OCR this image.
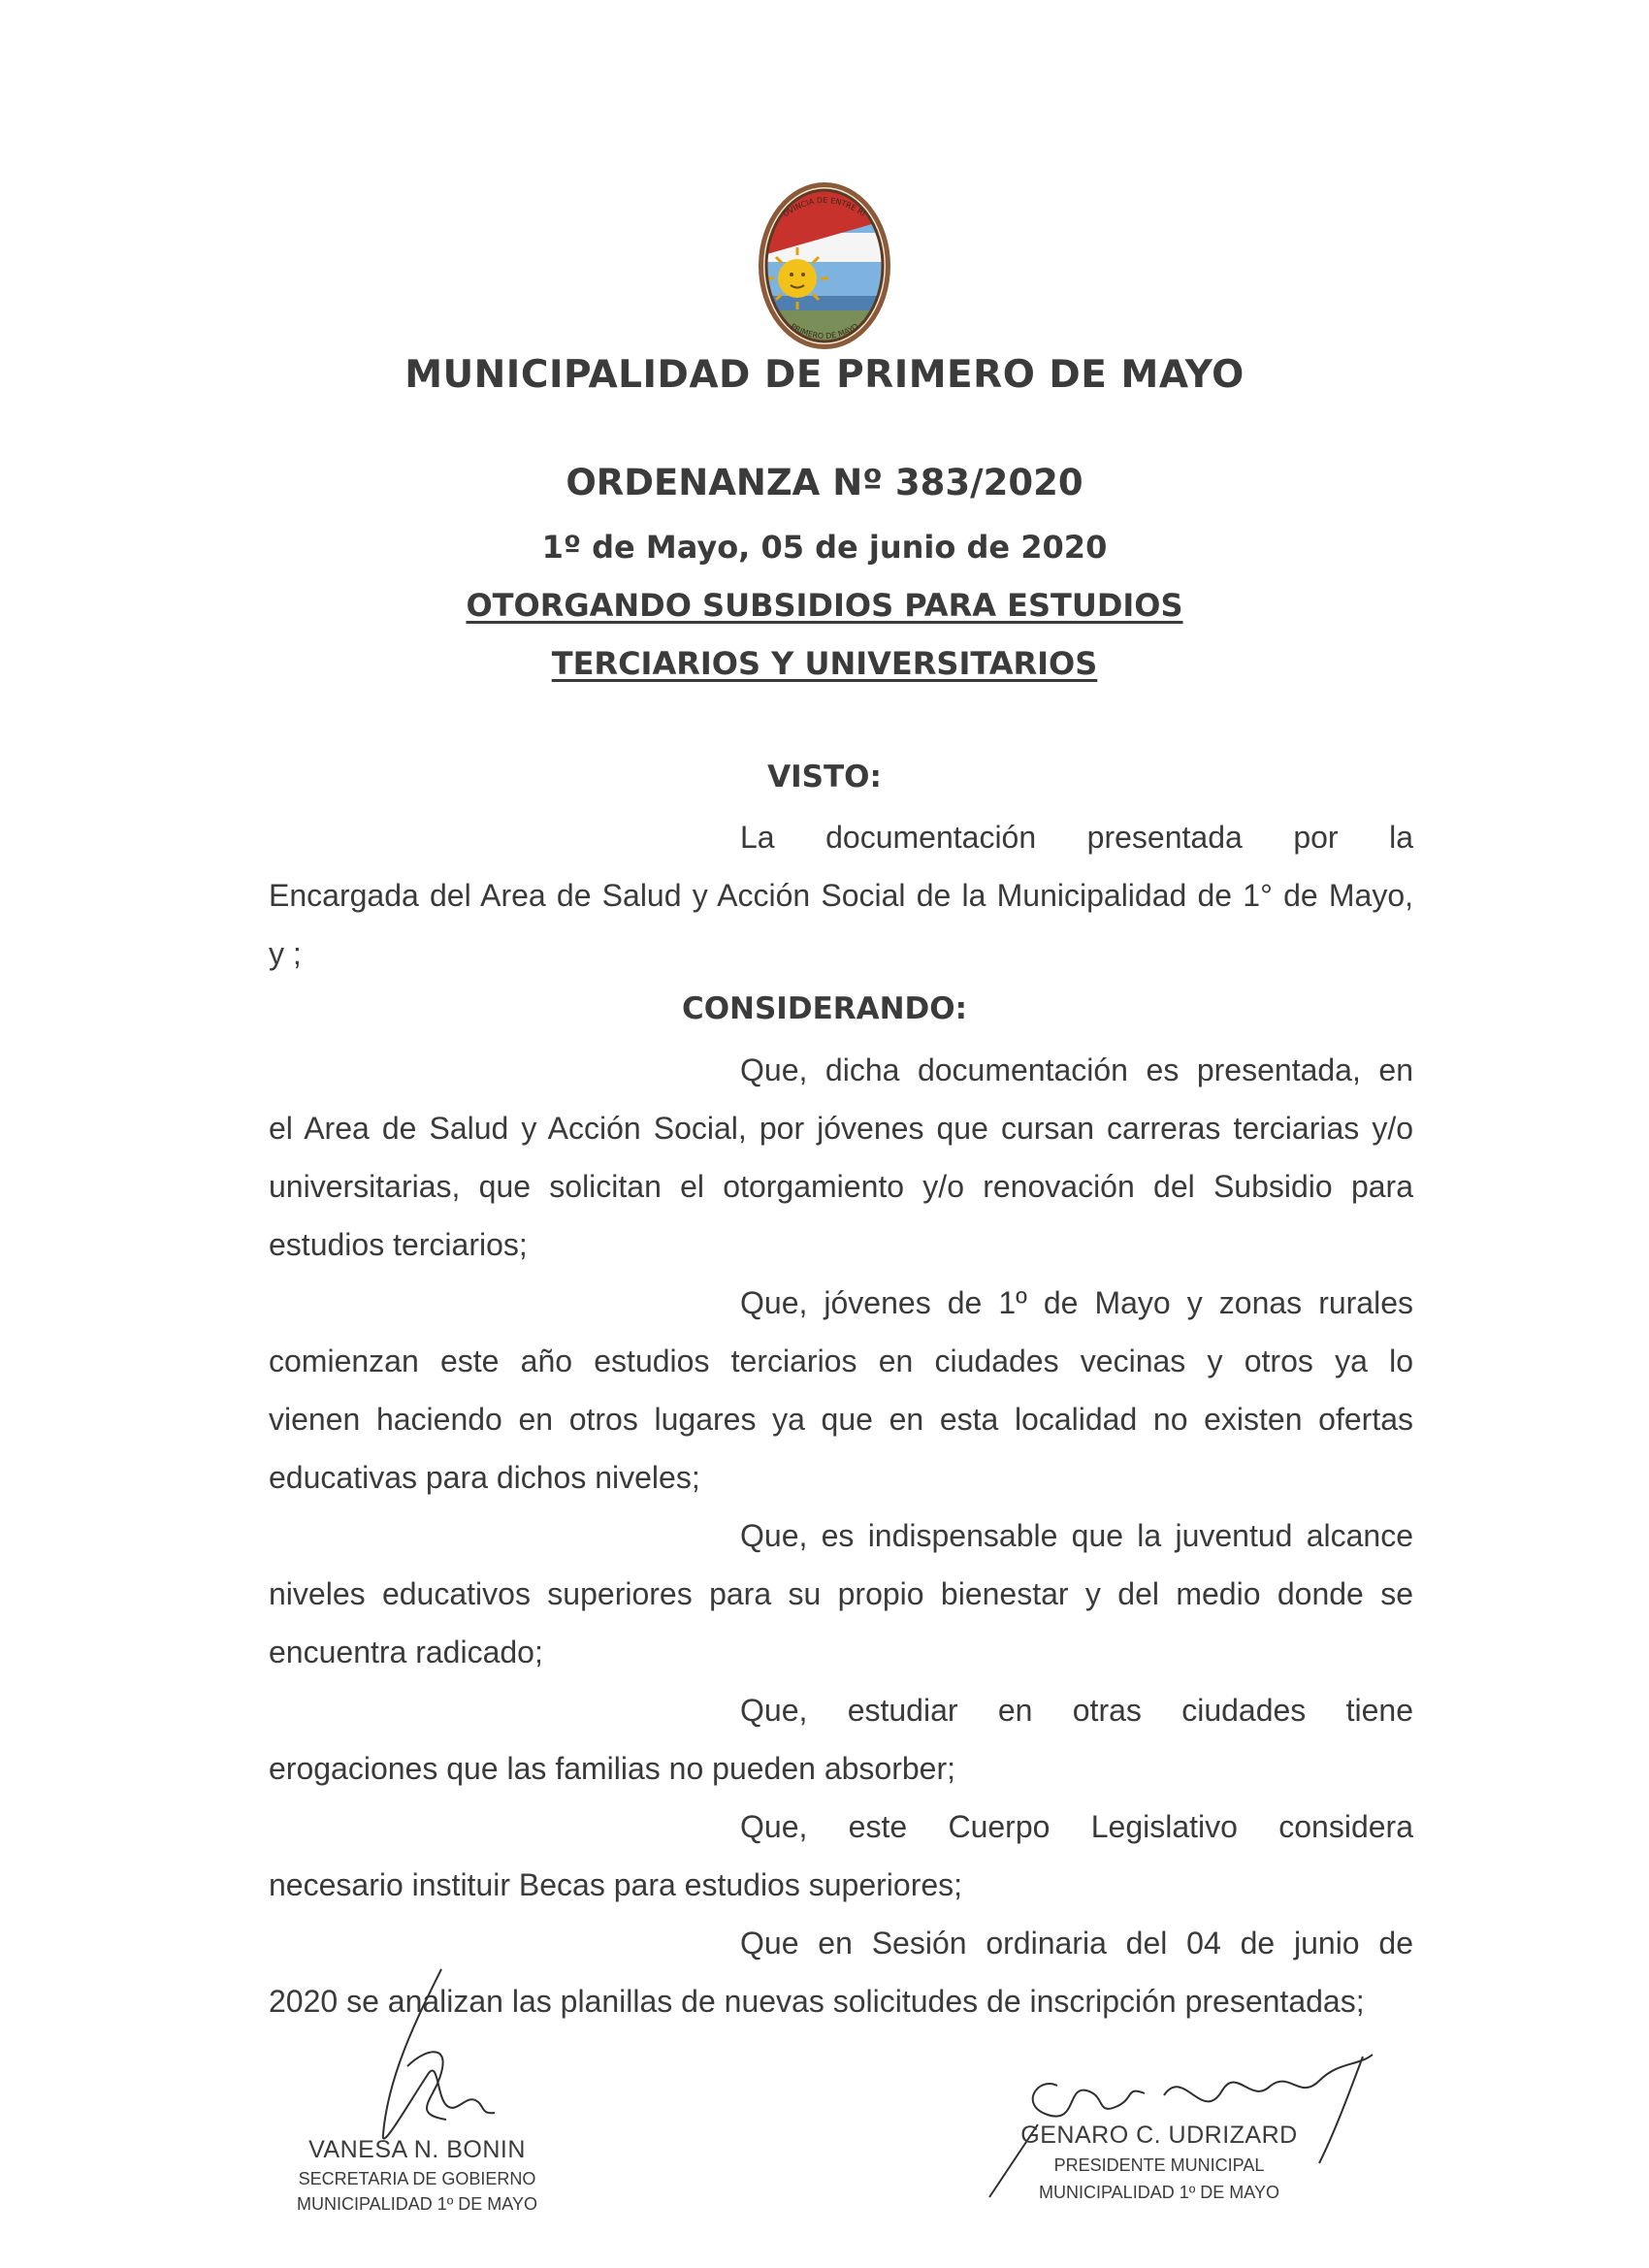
OVINCIA DE ENTRE RI
PRIMERO DE MAYO
MUNICIPALIDAD DE PRIMERO DE MAYO
ORDENANZA Nº 383/2020
1º de Mayo, 05 de junio de 2020
OTORGANDO SUBSIDIOS PARA ESTUDIOS
TERCIARIOS Y UNIVERSITARIOS
VISTO:
La documentación presentada por la
Encargada del Area de Salud y Acción Social de la Municipalidad de 1° de Mayo,
y ;
CONSIDERANDO:
Que, dicha documentación es presentada, en
el Area de Salud y Acción Social, por jóvenes que cursan carreras terciarias y/o
universitarias, que solicitan el otorgamiento y/o renovación del Subsidio para
estudios terciarios;
Que, jóvenes de 1º de Mayo y zonas rurales
comienzan este año estudios terciarios en ciudades vecinas y otros ya lo
vienen haciendo en otros lugares ya que en esta localidad no existen ofertas
educativas para dichos niveles;
Que, es indispensable que la juventud alcance
niveles educativos superiores para su propio bienestar y del medio donde se
encuentra radicado;
Que, estudiar en otras ciudades tiene
erogaciones que las familias no pueden absorber;
Que, este Cuerpo Legislativo considera
necesario instituir Becas para estudios superiores;
Que en Sesión ordinaria del 04 de junio de
2020 se analizan las planillas de nuevas solicitudes de inscripción presentadas;
VANESA N. BONIN
SECRETARIA DE GOBIERNO
MUNICIPALIDAD 1º DE MAYO
GENARO C. UDRIZARD
PRESIDENTE MUNICIPAL
MUNICIPALIDAD 1º DE MAYO
